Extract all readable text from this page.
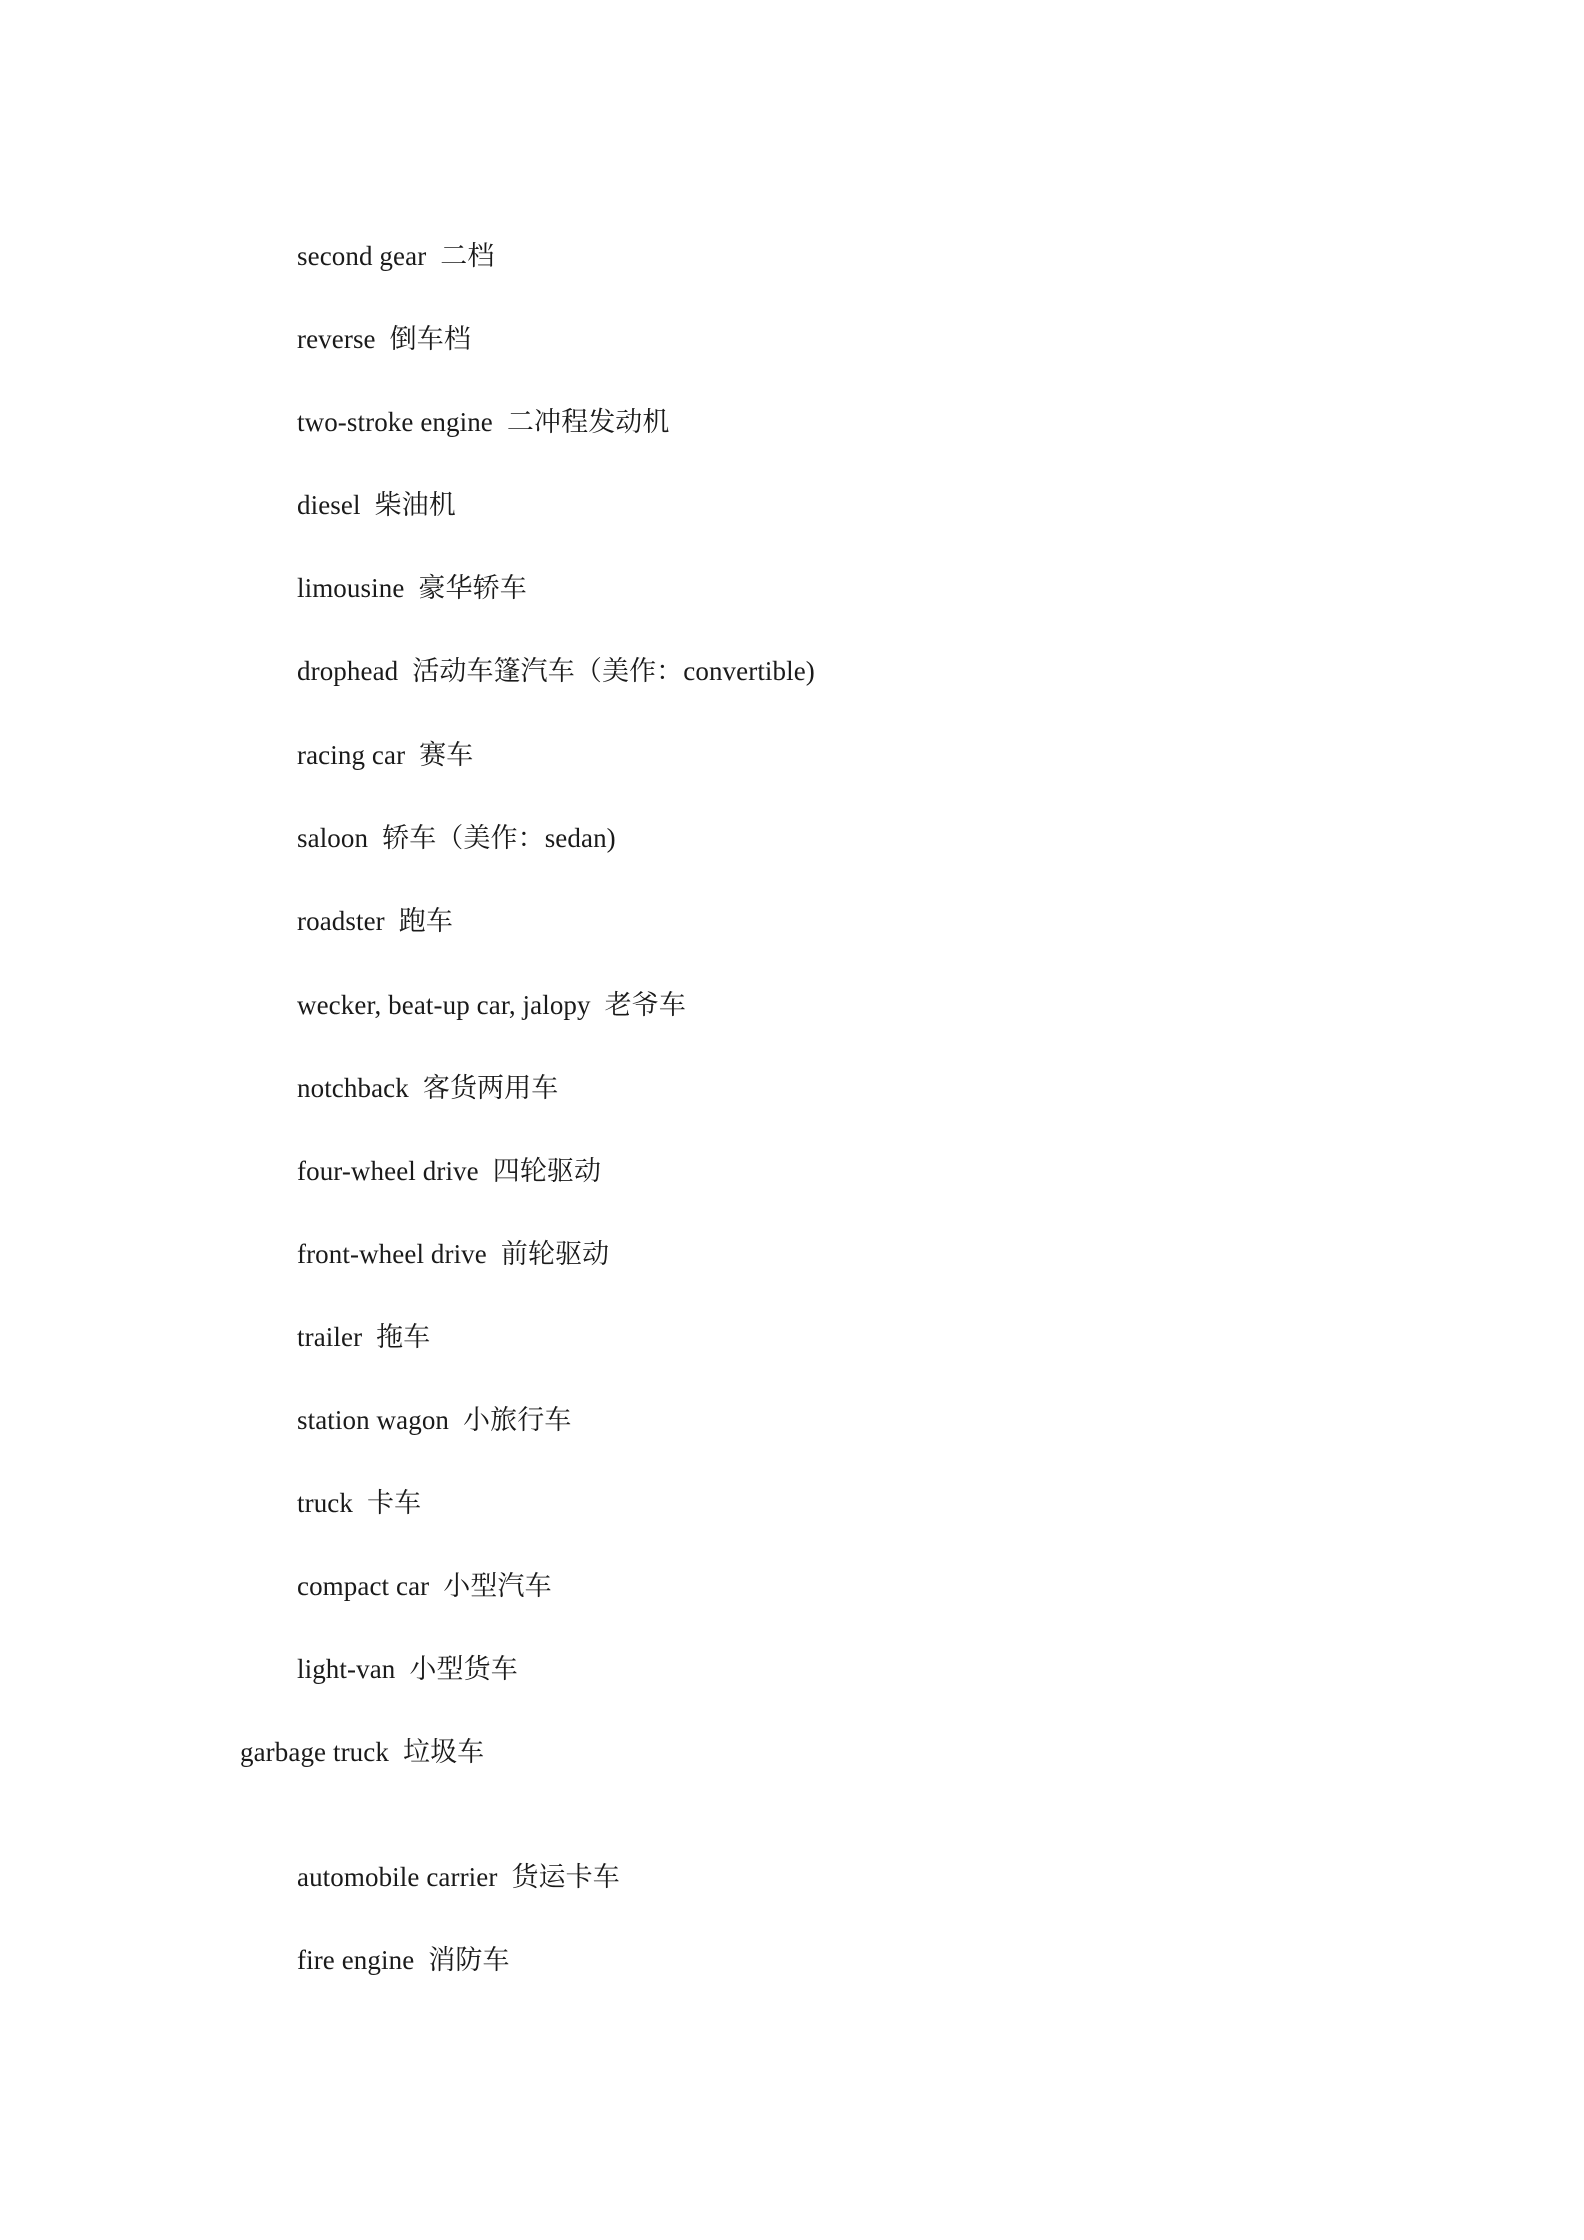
second gear 二档
reverse 倒车档
two-stroke engine 二冲程发动机
diesel 柴油机
limousine 豪华轿车
drophead 活动车篷汽车（美作：convertible)
racing car 赛车
saloon 轿车（美作：sedan)
roadster 跑车
wecker, beat-up car, jalopy 老爷车
notchback 客货两用车
four-wheel drive 四轮驱动
front-wheel drive 前轮驱动
trailer 拖车
station wagon 小旅行车
truck 卡车
compact car 小型汽车
light-van 小型货车
garbage truck 垃圾车
automobile carrier 货运卡车
fire engine 消防车
